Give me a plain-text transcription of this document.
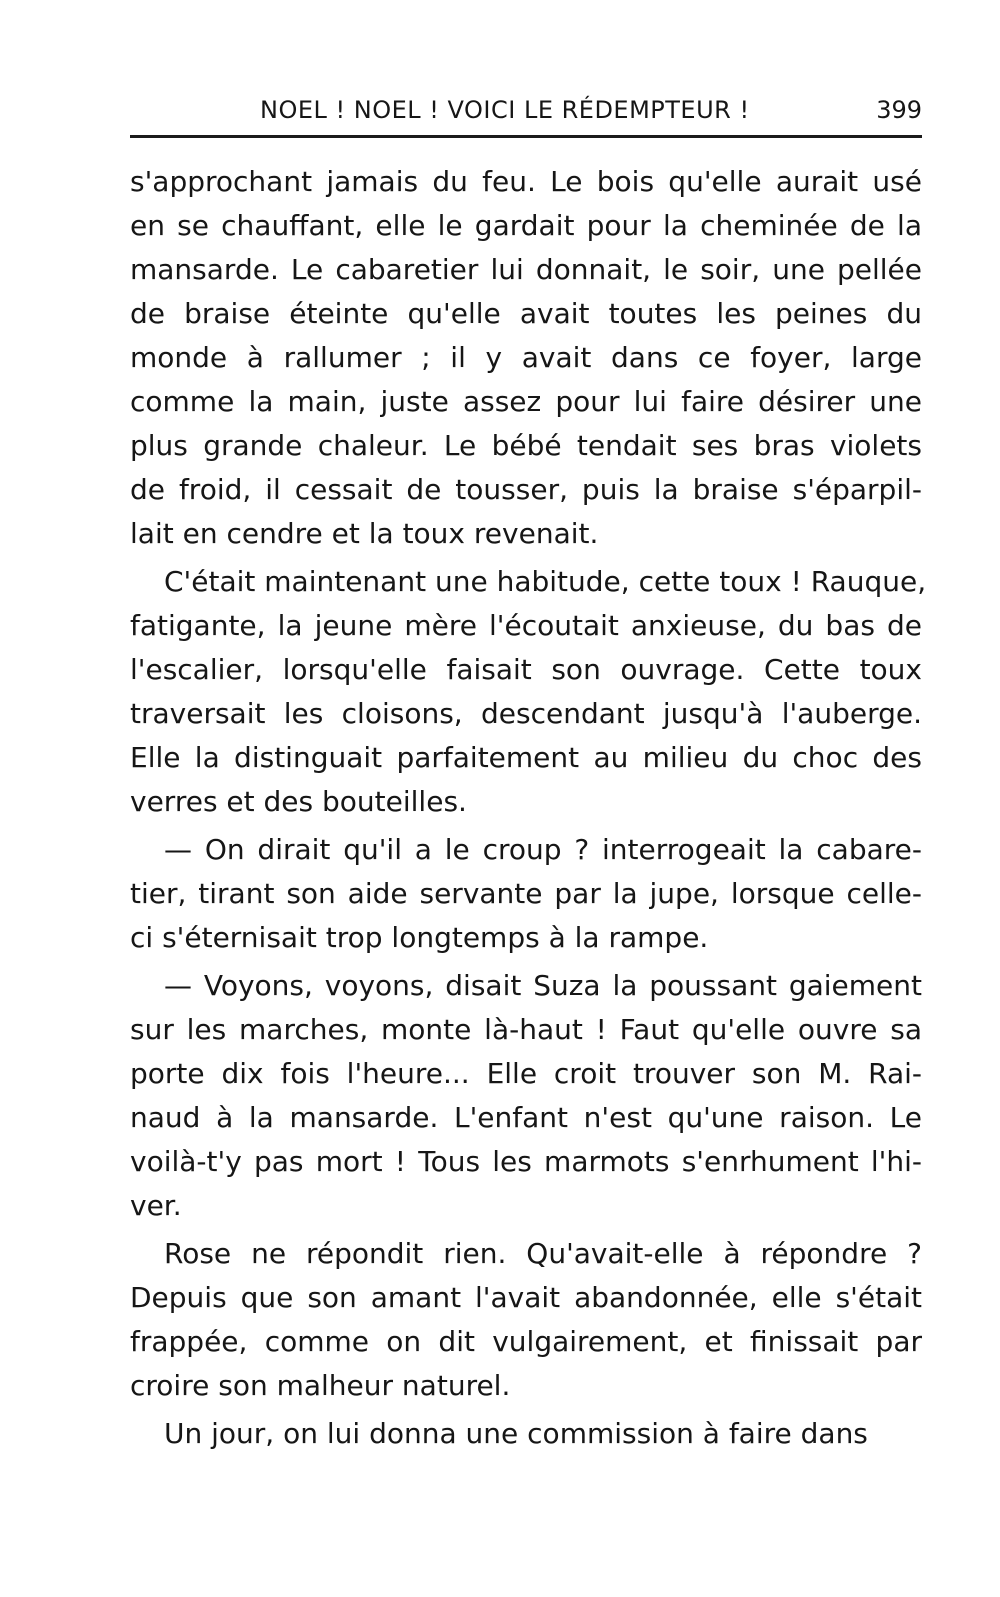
NOEL ! NOEL ! VOICI LE RÉDEMPTEUR !	399
s'approchant jamais du feu. Le bois qu'elle aurait usé
en se chauffant, elle le gardait pour la cheminée de la
mansarde. Le cabaretier lui donnait, le soir, une pellée
de braise éteinte qu'elle avait toutes les peines du
monde à rallumer ; il y avait dans ce foyer, large
comme la main, juste assez pour lui faire désirer une
plus grande chaleur. Le bébé tendait ses bras violets
de froid, il cessait de tousser, puis la braise s'éparpil-
lait en cendre et la toux revenait.
C'était maintenant une habitude, cette toux ! Rauque,
fatigante, la jeune mère l'écoutait anxieuse, du bas de
l'escalier, lorsqu'elle faisait son ouvrage. Cette toux
traversait les cloisons, descendant jusqu'à l'auberge.
Elle la distinguait parfaitement au milieu du choc des
verres et des bouteilles.
— On dirait qu'il a le croup ? interrogeait la cabare-
tier, tirant son aide servante par la jupe, lorsque celle-
ci s'éternisait trop longtemps à la rampe.
— Voyons, voyons, disait Suza la poussant gaiement
sur les marches, monte là-haut ! Faut qu'elle ouvre sa
porte dix fois l'heure... Elle croit trouver son M. Rai-
naud à la mansarde. L'enfant n'est qu'une raison. Le
voilà-t'y pas mort ! Tous les marmots s'enrhument l'hi-
ver.
Rose ne répondit rien. Qu'avait-elle à répondre ?
Depuis que son amant l'avait abandonnée, elle s'était
frappée, comme on dit vulgairement, et finissait par
croire son malheur naturel.
Un jour, on lui donna une commission à faire dans
